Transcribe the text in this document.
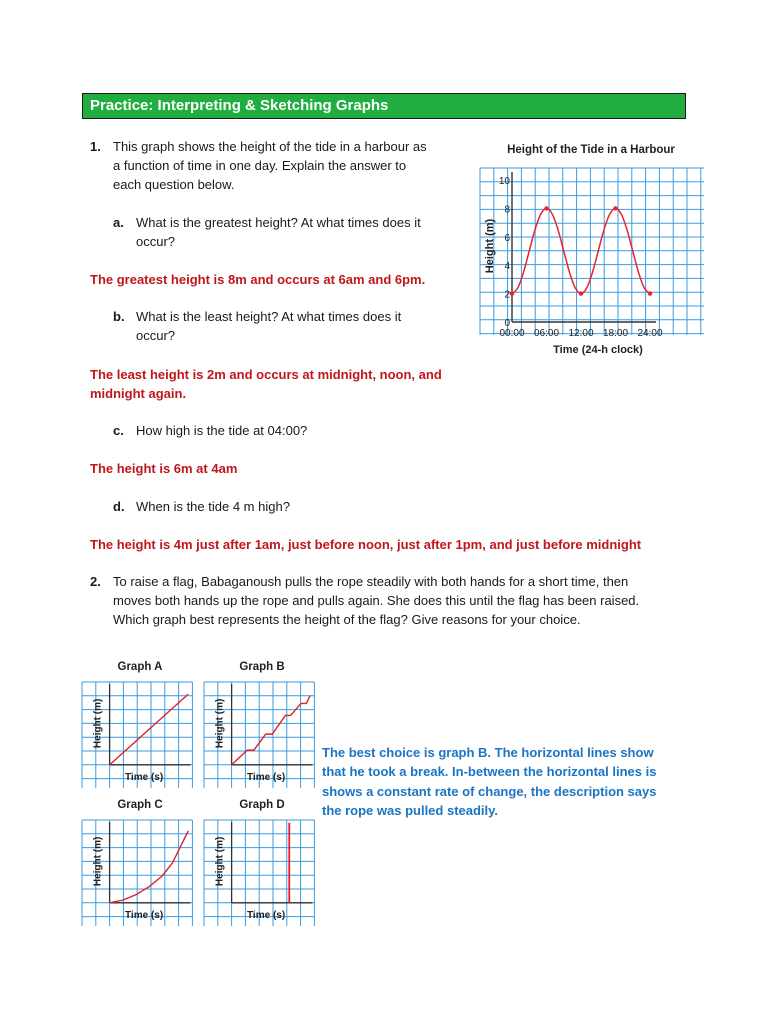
Practice: Interpreting & Sketching Graphs
1. This graph shows the height of the tide in a harbour as
a function of time in one day. Explain the answer to
each question below.
a. What is the greatest height? At what times does it
occur?
The greatest height is 8m and occurs at 6am and 6pm.
b. What is the least height? At what times does it
occur?
The least height is 2m and occurs at midnight, noon, and
midnight again.
c. How high is the tide at 04:00?
The height is 6m at 4am
d. When is the tide 4 m high?
The height is 4m just after 1am, just before noon, just after 1pm, and just before midnight
2. To raise a flag, Babaganoush pulls the rope steadily with both hands for a short time, then
moves both hands up the rope and pulls again. She does this until the flag has been raised.
Which graph best represents the height of the flag? Give reasons for your choice.
The best choice is graph B. The horizontal lines show
that he took a break. In-between the horizontal lines is
shows a constant rate of change, the description says
the rope was pulled steadily.
Height of the Tide in a Harbour
0
2
4
6
8
10
00:00 06:00 12:00 18:00 24:00
Height (m)
Time (24-h clock)
Graph A
Height (m)
Time (s)
Graph B
Height (m)
Time (s)
Graph C
Height (m)
Time (s)
Graph D
Height (m)
Time (s)
